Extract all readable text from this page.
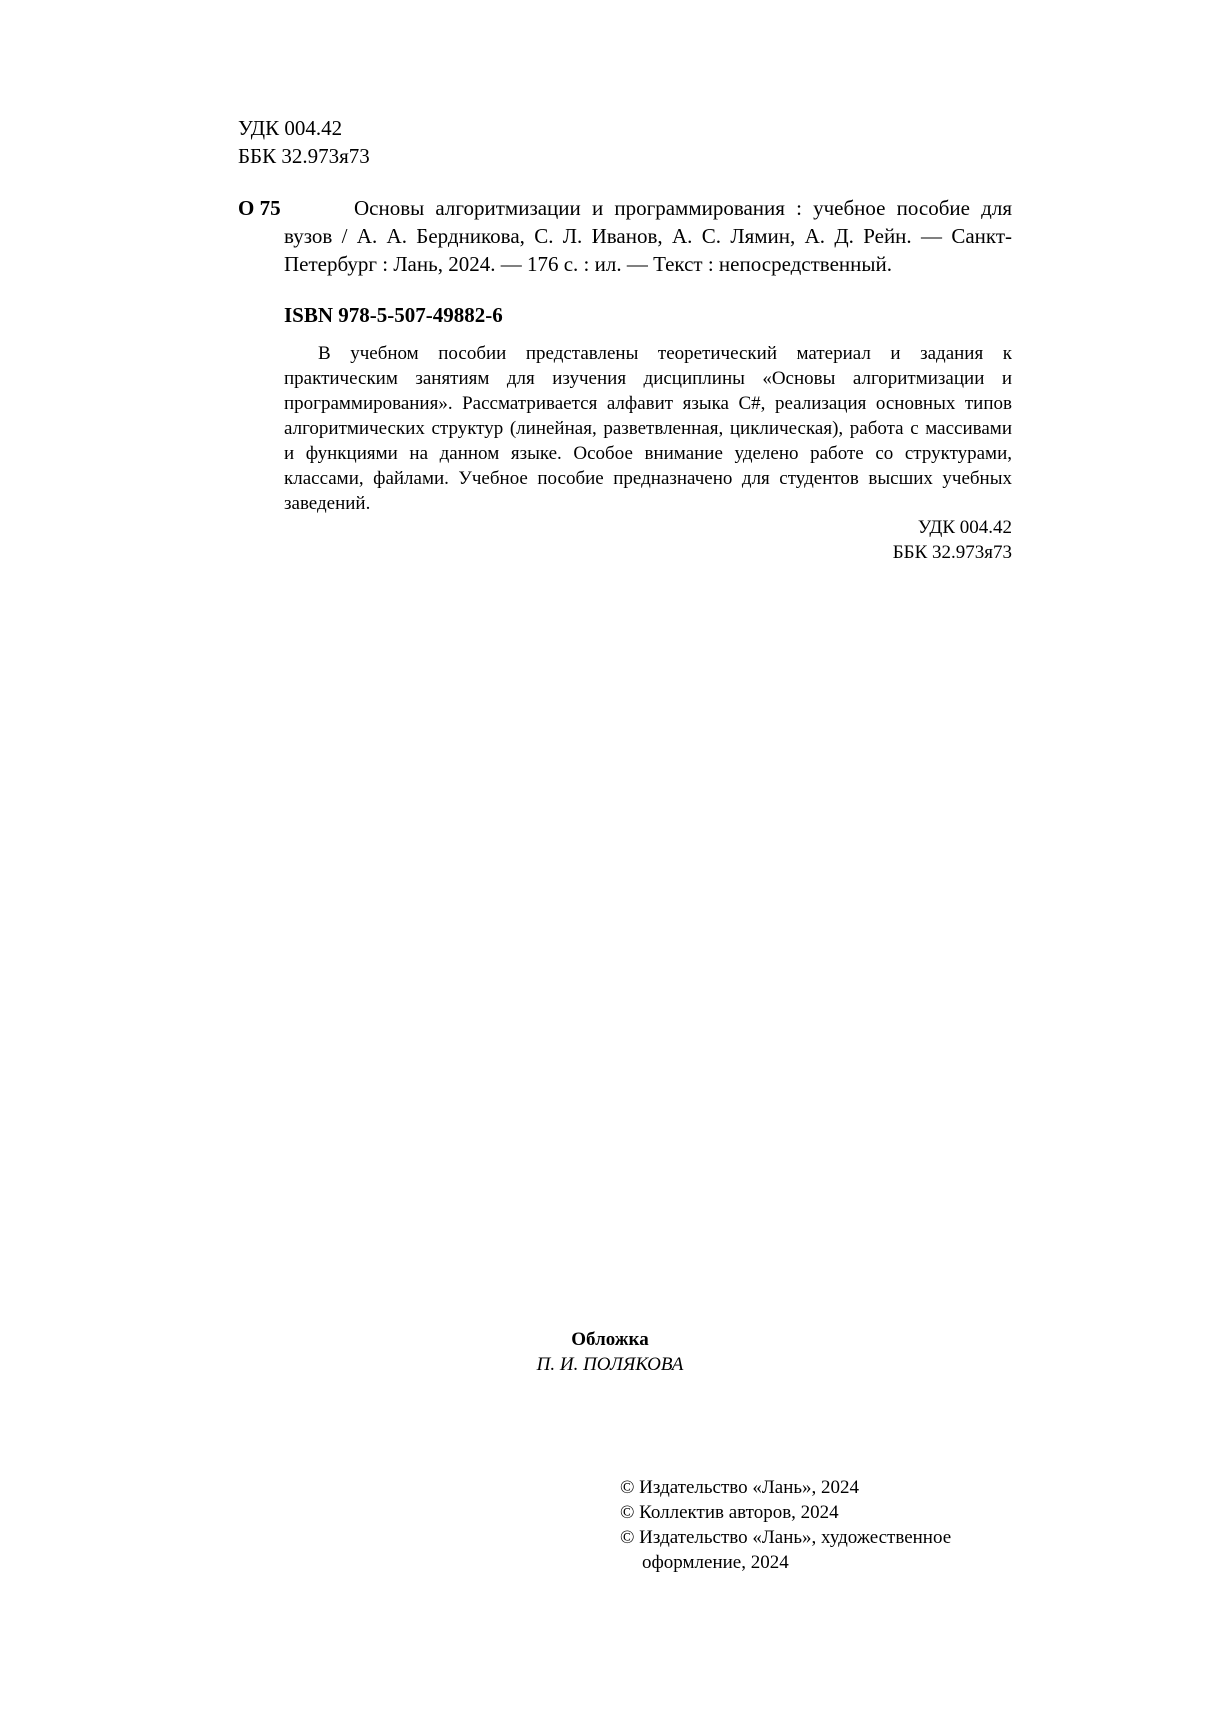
УДК 004.42
ББК 32.973я73
О 75	Основы алгоритмизации и программирования : учебное пособие для вузов / А. А. Бердникова, С. Л. Иванов, А. С. Лямин, А. Д. Рейн. — Санкт-Петербург : Лань, 2024. — 176 с. : ил. — Текст : непосредственный.
ISBN 978-5-507-49882-6
В учебном пособии представлены теоретический материал и задания к практическим занятиям для изучения дисциплины «Основы алгоритмизации и программирования». Рассматривается алфавит языка C#, реализация основных типов алгоритмических структур (линейная, разветвленная, циклическая), работа с массивами и функциями на данном языке. Особое внимание уделено работе со структурами, классами, файлами. Учебное пособие предназначено для студентов высших учебных заведений.
УДК 004.42
ББК 32.973я73
Обложка
П. И. ПОЛЯКОВА
© Издательство «Лань», 2024
© Коллектив авторов, 2024
© Издательство «Лань», художественное оформление, 2024
